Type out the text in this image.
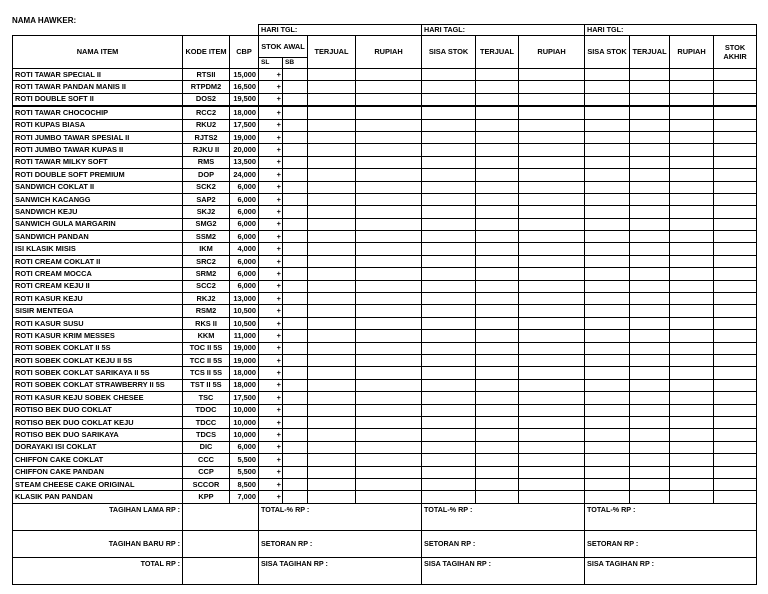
NAMA HAWKER:
			HARI TGL:				HARI TAGL:			HARI TGL:			
NAMA ITEM	KODE ITEM	CBP	STOK AWAL		TERJUAL	RUPIAH	SISA STOK	TERJUAL	RUPIAH	SISA STOK	TERJUAL	RUPIAH	STOK AKHIR
			SL	SB									
ROTI TAWAR SPECIAL II	RTSII	15,000	+										
ROTI TAWAR PANDAN MANIS II	RTPDM2	16,500	+										
ROTI DOUBLE SOFT II	DOS2	19,500	+										
ROTI TAWAR CHOCOCHIP	RCC2	18,000	+										
ROTI KUPAS BIASA	RKU2	17,500	+										
ROTI JUMBO TAWAR SPESIAL II	RJTS2	19,000	+										
ROTI JUMBO TAWAR KUPAS II	RJKU II	20,000	+										
ROTI TAWAR MILKY SOFT	RMS	13,500	+										
ROTI DOUBLE SOFT PREMIUM	DOP	24,000	+										
SANDWICH COKLAT II	SCK2	6,000	+										
SANWICH KACANGG	SAP2	6,000	+										
SANDWICH KEJU	SKJ2	6,000	+										
SANWICH GULA MARGARIN	SMG2	6,000	+										
SANDWICH PANDAN	SSM2	6,000	+										
ISI KLASIK MISIS	IKM	4,000	+										
ROTI CREAM COKLAT II	SRC2	6,000	+										
ROTI CREAM MOCCA	SRM2	6,000	+										
ROTI CREAM KEJU II	SCC2	6,000	+										
ROTI KASUR KEJU	RKJ2	13,000	+										
SISIR MENTEGA	RSM2	10,500	+										
ROTI KASUR SUSU	RKS II	10,500	+										
ROTI KASUR KRIM MESSES	KKM	11,000	+										
ROTI SOBEK COKLAT II 5S	TOC II 5S	19,000	+										
ROTI SOBEK COKLAT KEJU II 5S	TCC II 5S	19,000	+										
ROTI SOBEK COKLAT SARIKAYA II 5S	TCS II 5S	18,000	+										
ROTI SOBEK COKLAT STRAWBERRY II 5S	TST II 5S	18,000	+										
ROTI KASUR KEJU SOBEK CHESEE	TSC	17,500	+										
ROTISO BEK DUO COKLAT	TDOC	10,000	+										
ROTISO BEK DUO COKLAT KEJU	TDCC	10,000	+										
ROTISO BEK DUO SARIKAYA	TDCS	10,000	+										
DORAYAKI ISI COKLAT	DIC	6,000	+										
CHIFFON CAKE COKLAT	CCC	5,500	+										
CHIFFON CAKE PANDAN	CCP	5,500	+										
STEAM CHEESE CAKE ORIGINAL	SCCOR	8,500	+										
KLASIK PAN PANDAN	KPP	7,000	+										
TAGIHAN LAMA RP :			TOTAL-% RP :				TOTAL-% RP :			TOTAL-% RP :			
TAGIHAN BARU RP :			SETORAN RP :				SETORAN RP :			SETORAN RP :			
TOTAL RP :			SISA TAGIHAN RP :				SISA TAGIHAN RP :			SISA TAGIHAN RP :			
